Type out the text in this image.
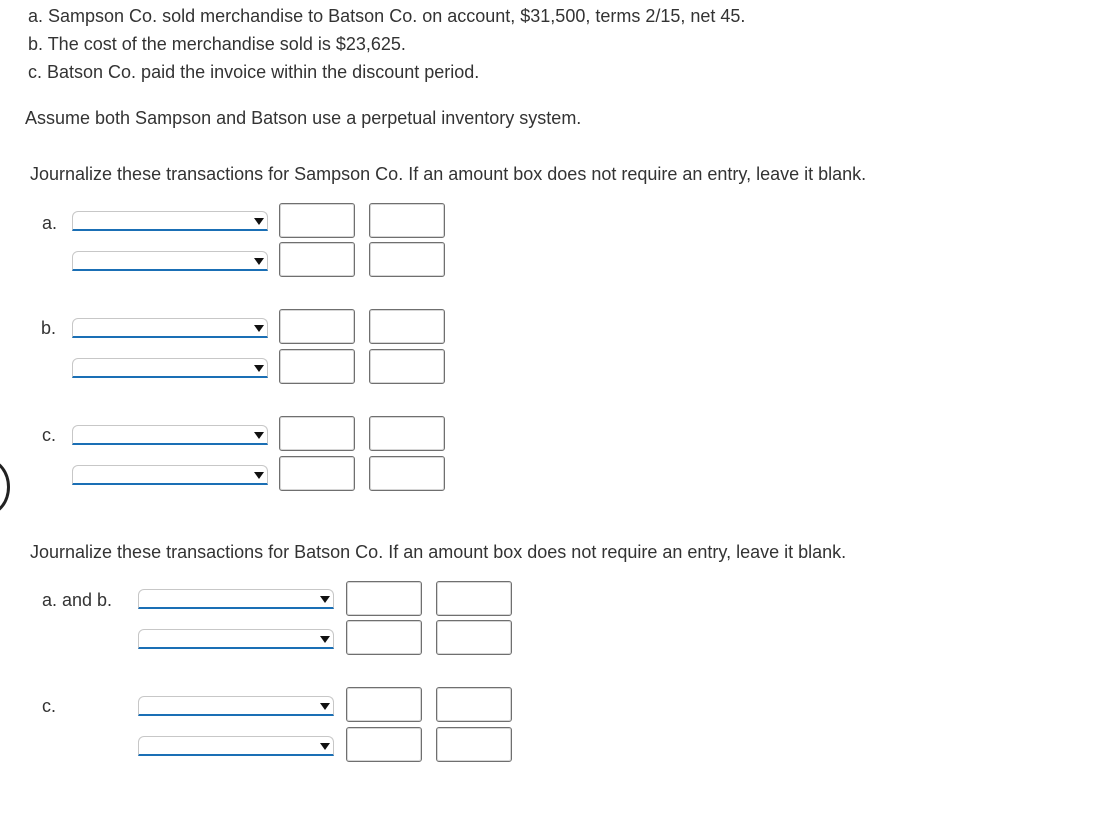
a. Sampson Co. sold merchandise to Batson Co. on account, $31,500, terms 2/15, net 45.
b. The cost of the merchandise sold is $23,625.
c. Batson Co. paid the invoice within the discount period.
Assume both Sampson and Batson use a perpetual inventory system.
Journalize these transactions for Sampson Co. If an amount box does not require an entry, leave it blank.
a.
b.
c.
Journalize these transactions for Batson Co. If an amount box does not require an entry, leave it blank.
a. and b.
c.
